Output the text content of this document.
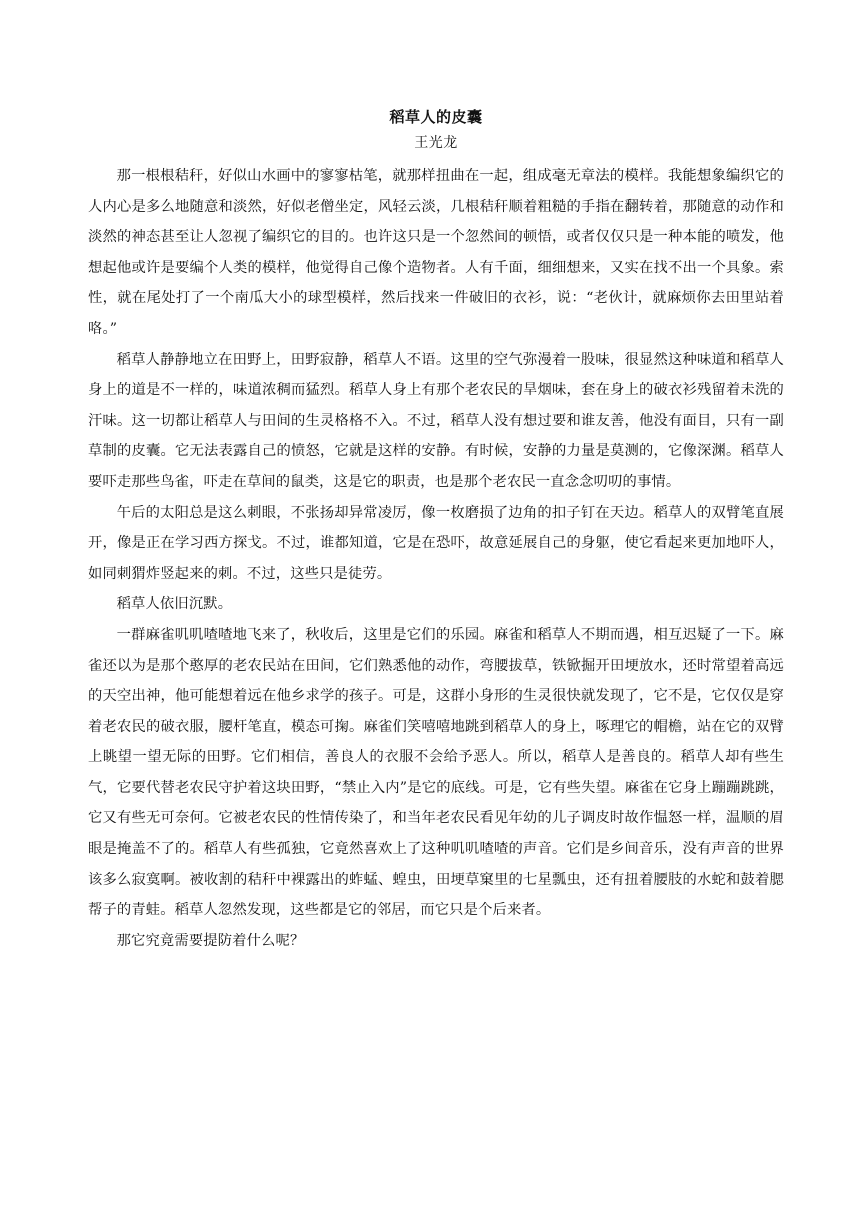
稻草人的皮囊
王光龙

那一根根秸秆，好似山水画中的寥寥枯笔，就那样扭曲在一起，组成毫无章法的模样。我能想象编织它的人内心是多么地随意和淡然，好似老僧坐定，风轻云淡，几根秸秆顺着粗糙的手指在翻转着，那随意的动作和淡然的神态甚至让人忽视了编织它的目的。也许这只是一个忽然间的顿悟，或者仅仅只是一种本能的喷发，他想起他或许是要编个人类的模样，他觉得自己像个造物者。人有千面，细细想来，又实在找不出一个具象。索性，就在尾处打了一个南瓜大小的球型模样，然后找来一件破旧的衣衫，说：“老伙计，就麻烦你去田里站着咯。”

稻草人静静地立在田野上，田野寂静，稻草人不语。这里的空气弥漫着一股味，很显然这种味道和稻草人身上的道是不一样的，味道浓稠而猛烈。稻草人身上有那个老农民的旱烟味，套在身上的破衣衫残留着未洗的汗味。这一切都让稻草人与田间的生灵格格不入。不过，稻草人没有想过要和谁友善，他没有面目，只有一副草制的皮囊。它无法表露自己的愤怒，它就是这样的安静。有时候，安静的力量是莫测的，它像深渊。稻草人要吓走那些鸟雀，吓走在草间的鼠类，这是它的职责，也是那个老农民一直念念叨叨的事情。

午后的太阳总是这么刺眼，不张扬却异常凌厉，像一枚磨损了边角的扣子钉在天边。稻草人的双臂笔直展开，像是正在学习西方探戈。不过，谁都知道，它是在恐吓，故意延展自己的身躯，使它看起来更加地吓人，如同刺猬炸竖起来的刺。不过，这些只是徒劳。

稻草人依旧沉默。

一群麻雀叽叽喳喳地飞来了，秋收后，这里是它们的乐园。麻雀和稻草人不期而遇，相互迟疑了一下。麻雀还以为是那个憨厚的老农民站在田间，它们熟悉他的动作，弯腰拔草，铁锨掘开田埂放水，还时常望着高远的天空出神，他可能想着远在他乡求学的孩子。可是，这群小身形的生灵很快就发现了，它不是，它仅仅是穿着老农民的破衣服，腰杆笔直，模态可掬。麻雀们笑嘻嘻地跳到稻草人的身上，啄理它的帽檐，站在它的双臂上眺望一望无际的田野。它们相信，善良人的衣服不会给予恶人。所以，稻草人是善良的。稻草人却有些生气，它要代替老农民守护着这块田野，“禁止入内”是它的底线。可是，它有些失望。麻雀在它身上蹦蹦跳跳，它又有些无可奈何。它被老农民的性情传染了，和当年老农民看见年幼的儿子调皮时故作愠怒一样，温顺的眉眼是掩盖不了的。稻草人有些孤独，它竟然喜欢上了这种叽叽喳喳的声音。它们是乡间音乐，没有声音的世界该多么寂寞啊。被收割的秸秆中裸露出的蚱蜢、蝗虫，田埂草窠里的七星瓢虫，还有扭着腰肢的水蛇和鼓着腮帮子的青蛙。稻草人忽然发现，这些都是它的邻居，而它只是个后来者。

那它究竟需要提防着什么呢？
